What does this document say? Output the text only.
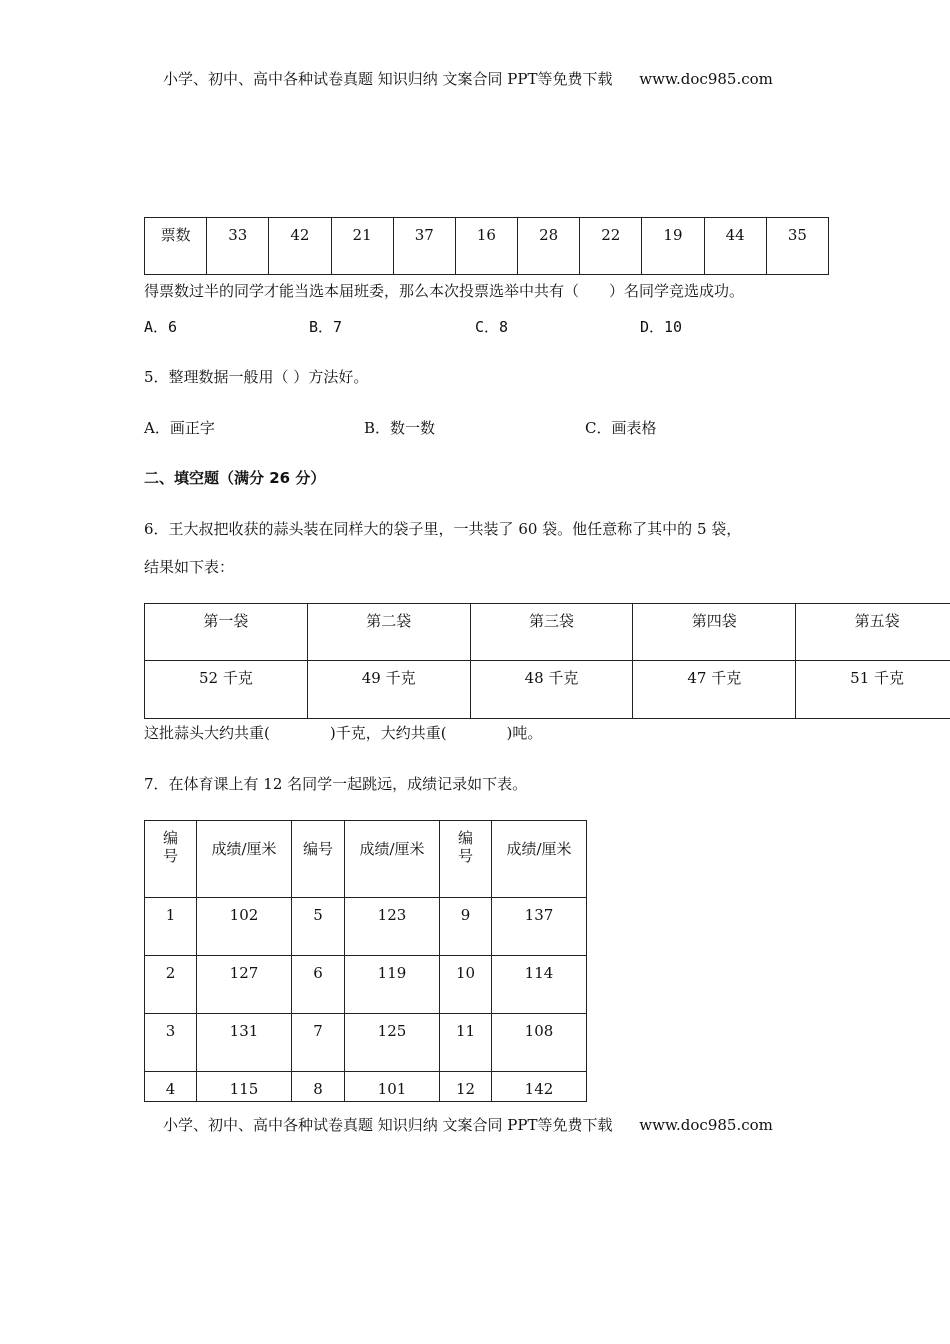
小学、初中、高中各种试卷真题 知识归纳 文案合同 PPT等免费下载 www.doc985.com
票数	33	42	21	37	16	28	22	19	44	35
得票数过半的同学才能当选本届班委，那么本次投票选举中共有（　　）名同学竞选成功。
A．6	B．7	C．8	D．10
5．整理数据一般用（ ）方法好。
A．画正字	B．数一数	C．画表格
二、填空题（满分 26 分）
6．王大叔把收获的蒜头装在同样大的袋子里，一共装了 60 袋。他任意称了其中的 5 袋，
结果如下表：
第一袋	第二袋	第三袋	第四袋	第五袋
52 千克	49 千克	48 千克	47 千克	51 千克
这批蒜头大约共重(　　　　)千克，大约共重(　　　　)吨。
7．在体育课上有 12 名同学一起跳远，成绩记录如下表。
编号	成绩/厘米	编号	成绩/厘米	编号	成绩/厘米
1	102	5	123	9	137
2	127	6	119	10	114
3	131	7	125	11	108
4	115	8	101	12	142
小学、初中、高中各种试卷真题 知识归纳 文案合同 PPT等免费下载 www.doc985.com
